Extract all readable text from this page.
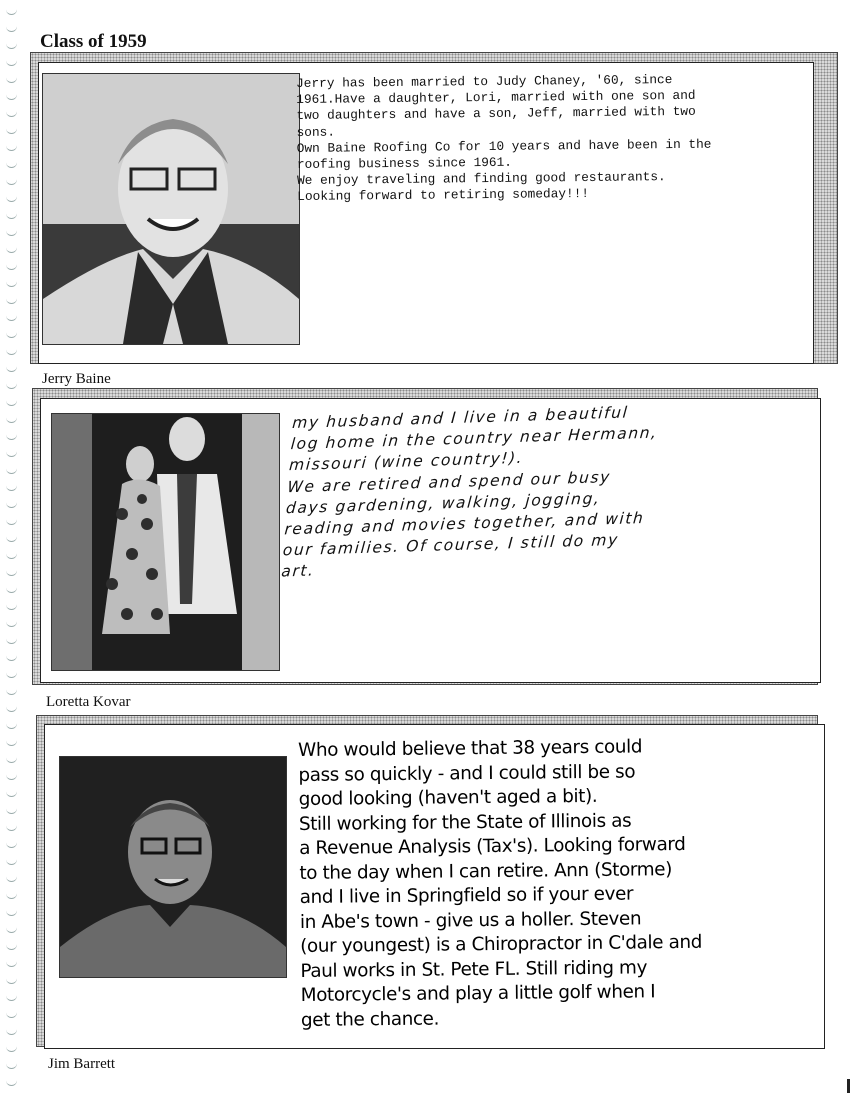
Class of 1959

Jerry has been married to Judy Chaney, '60, since
1961.Have a daughter, Lori, married with one son and
two daughters and have a son, Jeff, married with two
sons.
Own Baine Roofing Co for 10 years and have been in the
roofing business since 1961.
We enjoy traveling and finding good restaurants.
Looking forward to retiring someday!!!

Jerry Baine

my husband and I live in a beautiful
log home in the country near Hermann,
missouri (wine country!).
We are retired and spend our busy
days gardening, walking, jogging,
reading and movies together, and with
our families. Of course, I still do my
art.

Loretta Kovar

Who would believe that 38 years could
pass so quickly - and I could still be so
good looking (haven't aged a bit).
Still working for the State of Illinois as
a Revenue Analysis (Tax's). Looking forward
to the day when I can retire. Ann (Storme)
and I live in Springfield so if your ever
in Abe's town - give us a holler. Steven
(our youngest) is a Chiropractor in C'dale and
Paul works in St. Pete FL. Still riding my
Motorcycle's and play a little golf when I
get the chance.

Jim Barrett
